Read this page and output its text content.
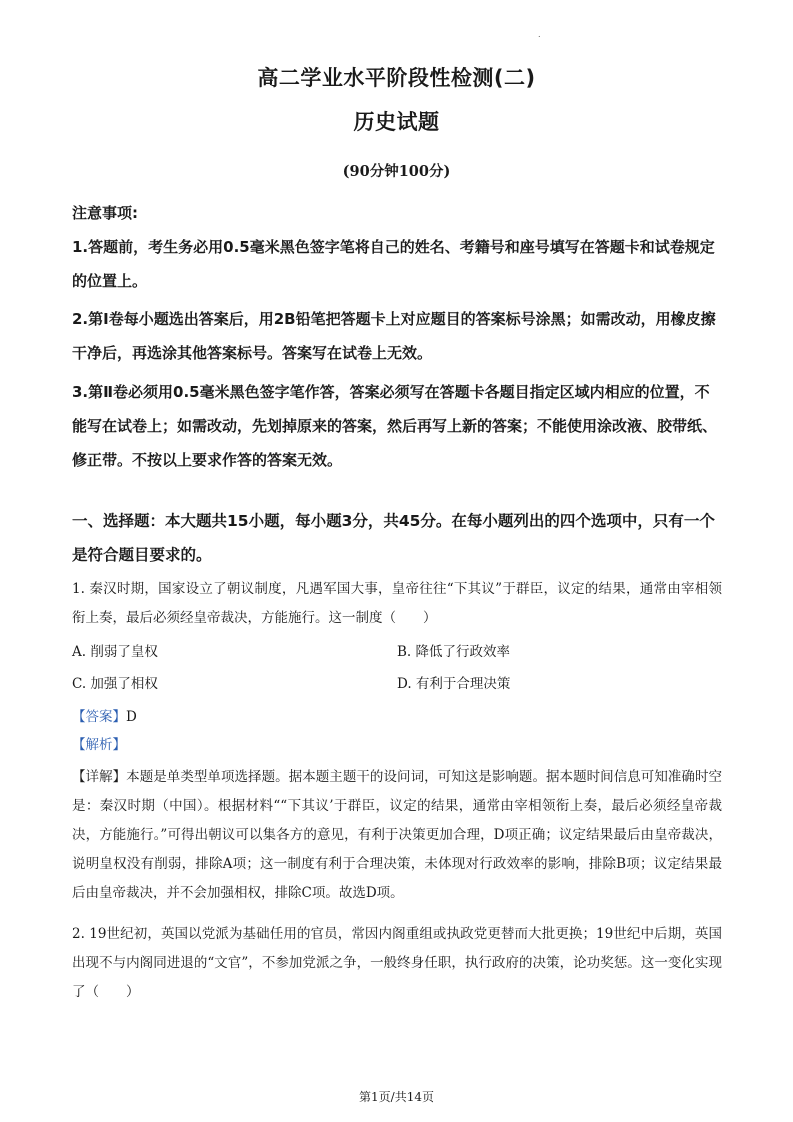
.
高二学业水平阶段性检测(二)
历史试题
(90分钟100分)
注意事项:
1.答题前，考生务必用0.5毫米黑色签字笔将自己的姓名、考籍号和座号填写在答题卡和试卷规定的位置上。
2.第Ⅰ卷每小题选出答案后，用2B铅笔把答题卡上对应题目的答案标号涂黑；如需改动，用橡皮擦干净后，再选涂其他答案标号。答案写在试卷上无效。
3.第Ⅱ卷必须用0.5毫米黑色签字笔作答，答案必须写在答题卡各题目指定区域内相应的位置，不能写在试卷上；如需改动，先划掉原来的答案，然后再写上新的答案；不能使用涂改液、胶带纸、修正带。不按以上要求作答的答案无效。
一、选择题：本大题共15小题，每小题3分，共45分。在每小题列出的四个选项中，只有一个是符合题目要求的。
1. 秦汉时期，国家设立了朝议制度，凡遇军国大事，皇帝往往“下其议”于群臣，议定的结果，通常由宰相领衔上奏，最后必须经皇帝裁决，方能施行。这一制度（　　）
A. 削弱了皇权	B. 降低了行政效率
C. 加强了相权	D. 有利于合理决策
【答案】D
【解析】
【详解】本题是单类型单项选择题。据本题主题干的设问词，可知这是影响题。据本题时间信息可知准确时空是：秦汉时期（中国）。根据材料““下其议’于群臣，议定的结果，通常由宰相领衔上奏，最后必须经皇帝裁决，方能施行。”可得出朝议可以集各方的意见，有利于决策更加合理，D项正确；议定结果最后由皇帝裁决，说明皇权没有削弱，排除A项；这一制度有利于合理决策，未体现对行政效率的影响，排除B项；议定结果最后由皇帝裁决，并不会加强相权，排除C项。故选D项。
2. 19世纪初，英国以党派为基础任用的官员，常因内阁重组或执政党更替而大批更换；19世纪中后期，英国出现不与内阁同进退的“文官”，不参加党派之争，一般终身任职，执行政府的决策，论功奖惩。这一变化实现了（　　）
第1页/共14页
